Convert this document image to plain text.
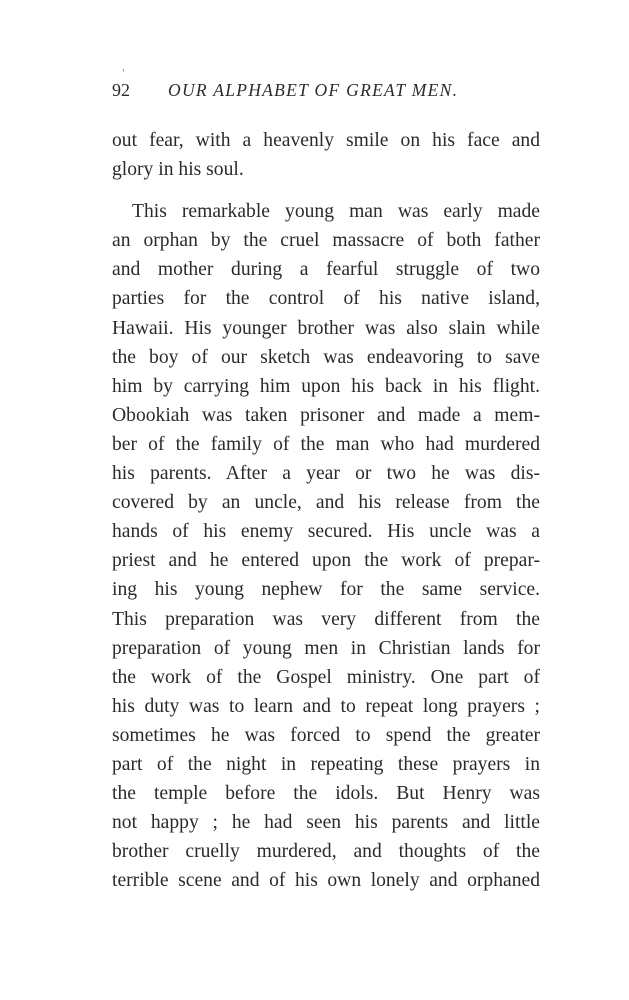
'
92 OUR ALPHABET OF GREAT MEN.
out fear, with a heavenly smile on his face and
glory in his soul.
This remarkable young man was early made
an orphan by the cruel massacre of both father
and mother during a fearful struggle of two
parties for the control of his native island,
Hawaii. His younger brother was also slain while
the boy of our sketch was endeavoring to save
him by carrying him upon his back in his flight.
Obookiah was taken prisoner and made a mem-
ber of the family of the man who had murdered
his parents. After a year or two he was dis-
covered by an uncle, and his release from the
hands of his enemy secured. His uncle was a
priest and he entered upon the work of prepar-
ing his young nephew for the same service.
This preparation was very different from the
preparation of young men in Christian lands for
the work of the Gospel ministry. One part of
his duty was to learn and to repeat long prayers ;
sometimes he was forced to spend the greater
part of the night in repeating these prayers in
the temple before the idols. But Henry was
not happy ; he had seen his parents and little
brother cruelly murdered, and thoughts of the
terrible scene and of his own lonely and orphaned
